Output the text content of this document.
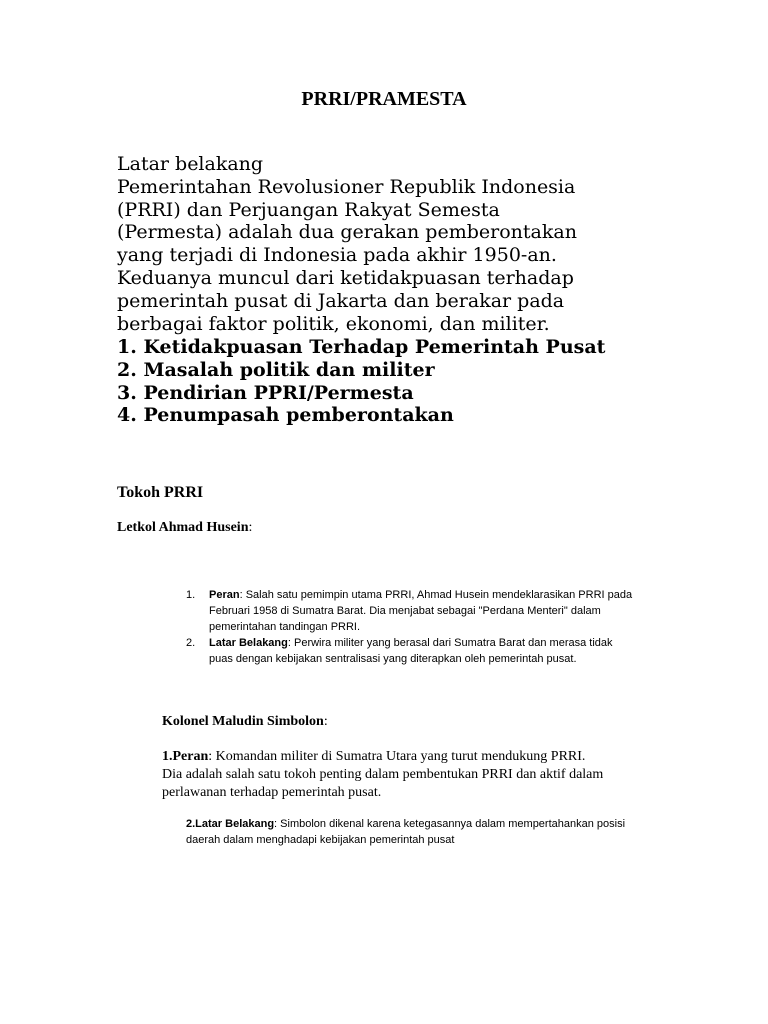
PRRI/PRAMESTA
Latar belakang
Pemerintahan Revolusioner Republik Indonesia
(PRRI) dan Perjuangan Rakyat Semesta
(Permesta) adalah dua gerakan pemberontakan
yang terjadi di Indonesia pada akhir 1950-an.
Keduanya muncul dari ketidakpuasan terhadap
pemerintah pusat di Jakarta dan berakar pada
berbagai faktor politik, ekonomi, dan militer.
1. Ketidakpuasan Terhadap Pemerintah Pusat
2. Masalah politik dan militer
3. Pendirian PPRI/Permesta
4. Penumpasah pemberontakan
Tokoh PRRI
Letkol Ahmad Husein:
1. Peran: Salah satu pemimpin utama PRRI, Ahmad Husein mendeklarasikan PRRI pada
Februari 1958 di Sumatra Barat. Dia menjabat sebagai "Perdana Menteri" dalam
pemerintahan tandingan PRRI.
2. Latar Belakang: Perwira militer yang berasal dari Sumatra Barat dan merasa tidak
puas dengan kebijakan sentralisasi yang diterapkan oleh pemerintah pusat.
Kolonel Maludin Simbolon:
1.Peran: Komandan militer di Sumatra Utara yang turut mendukung PRRI.
Dia adalah salah satu tokoh penting dalam pembentukan PRRI dan aktif dalam
perlawanan terhadap pemerintah pusat.
2.Latar Belakang: Simbolon dikenal karena ketegasannya dalam mempertahankan posisi
daerah dalam menghadapi kebijakan pemerintah pusat
